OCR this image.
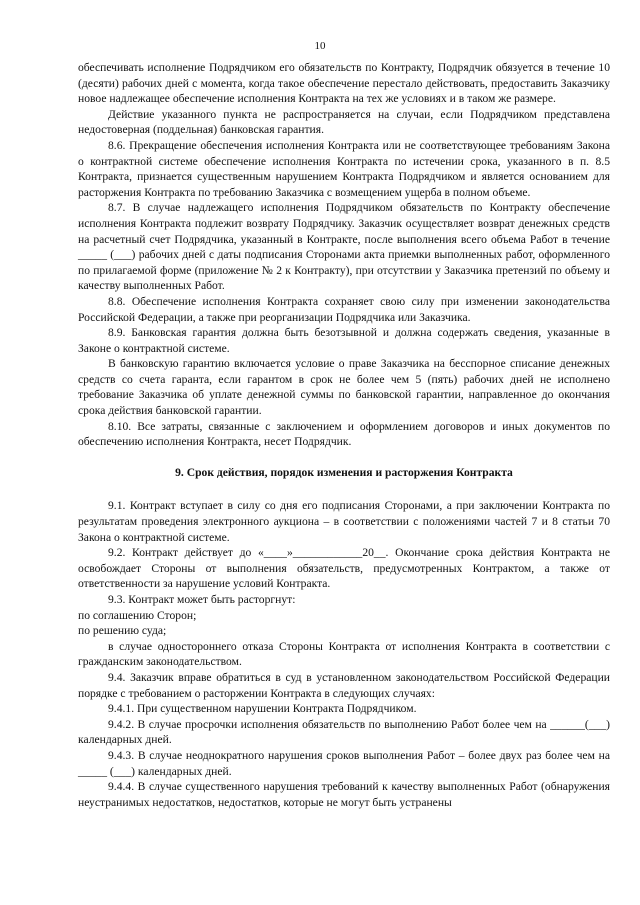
10

обеспечивать исполнение Подрядчиком его обязательств по Контракту, Подрядчик обязуется в течение 10 (десяти) рабочих дней с момента, когда такое обеспечение перестало действовать, предоставить Заказчику новое надлежащее обеспечение исполнения Контракта на тех же условиях и в таком же размере.

Действие указанного пункта не распространяется на случаи, если Подрядчиком представлена недостоверная (поддельная) банковская гарантия.

8.6. Прекращение обеспечения исполнения Контракта или не соответствующее требованиям Закона о контрактной системе обеспечение исполнения Контракта по истечении срока, указанного в п. 8.5 Контракта, признается существенным нарушением Контракта Подрядчиком и является основанием для расторжения Контракта по требованию Заказчика с возмещением ущерба в полном объеме.

8.7. В случае надлежащего исполнения Подрядчиком обязательств по Контракту обеспечение исполнения Контракта подлежит возврату Подрядчику. Заказчик осуществляет возврат денежных средств на расчетный счет Подрядчика, указанный в Контракте, после выполнения всего объема Работ в течение _____ (___) рабочих дней с даты подписания Сторонами акта приемки выполненных работ, оформленного по прилагаемой форме (приложение № 2 к Контракту), при отсутствии у Заказчика претензий по объему и качеству выполненных Работ.

8.8. Обеспечение исполнения Контракта сохраняет свою силу при изменении законодательства Российской Федерации, а также при реорганизации Подрядчика или Заказчика.

8.9. Банковская гарантия должна быть безотзывной и должна содержать сведения, указанные в Законе о контрактной системе.

В банковскую гарантию включается условие о праве Заказчика на бесспорное списание денежных средств со счета гаранта, если гарантом в срок не более чем 5 (пять) рабочих дней не исполнено требование Заказчика об уплате денежной суммы по банковской гарантии, направленное до окончания срока действия банковской гарантии.

8.10. Все затраты, связанные с заключением и оформлением договоров и иных документов по обеспечению исполнения Контракта, несет Подрядчик.

9. Срок действия, порядок изменения и расторжения Контракта

9.1. Контракт вступает в силу со дня его подписания Сторонами, а при заключении Контракта по результатам проведения электронного аукциона – в соответствии с положениями частей 7 и 8 статьи 70 Закона о контрактной системе.

9.2. Контракт действует до «____»____________20__. Окончание срока действия Контракта не освобождает Стороны от выполнения обязательств, предусмотренных Контрактом, а также от ответственности за нарушение условий Контракта.

9.3. Контракт может быть расторгнут:

по соглашению Сторон;

по решению суда;

в случае одностороннего отказа Стороны Контракта от исполнения Контракта в соответствии с гражданским законодательством.

9.4. Заказчик вправе обратиться в суд в установленном законодательством Российской Федерации порядке с требованием о расторжении Контракта в следующих случаях:

9.4.1. При существенном нарушении Контракта Подрядчиком.

9.4.2. В случае просрочки исполнения обязательств по выполнению Работ более чем на ______(___) календарных дней.

9.4.3. В случае неоднократного нарушения сроков выполнения Работ – более двух раз более чем на _____ (___) календарных дней.

9.4.4. В случае существенного нарушения требований к качеству выполненных Работ (обнаружения неустранимых недостатков, недостатков, которые не могут быть устранены
